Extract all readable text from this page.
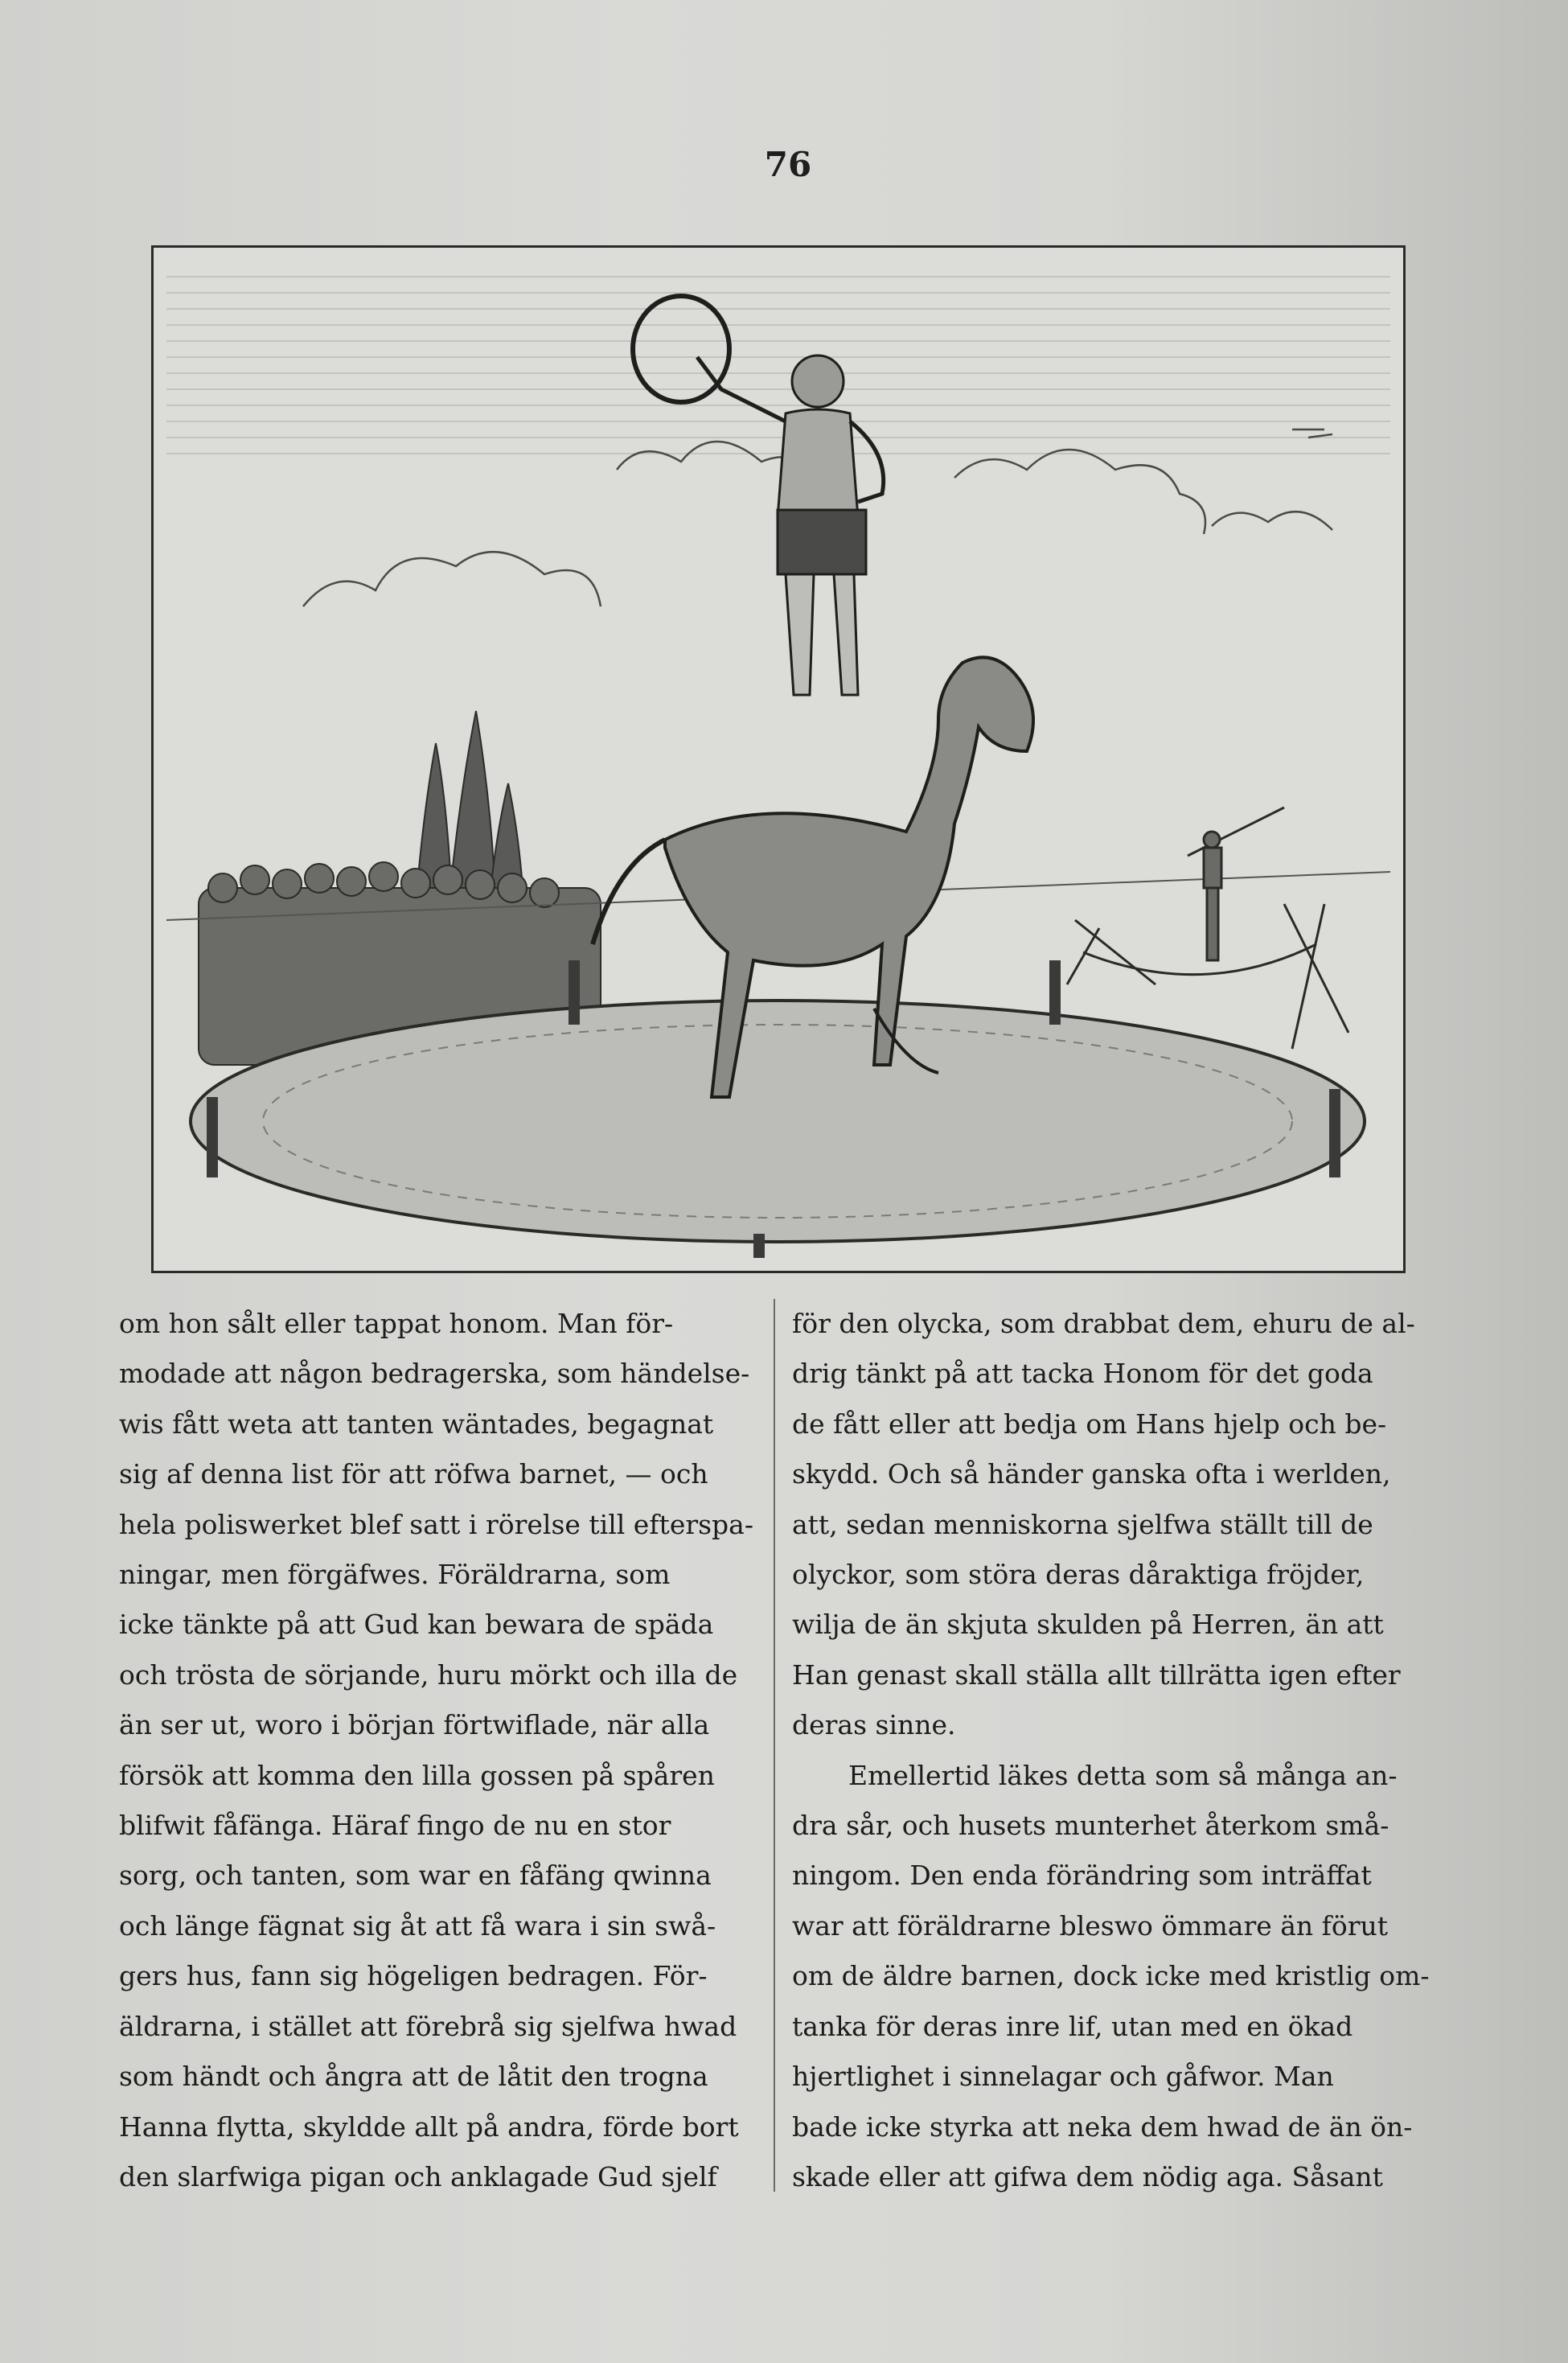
76
om hon sålt eller tappat honom. Man för-
modade att någon bedragerska, som händelse-
wis fått weta att tanten wäntades, begagnat
sig af denna list för att röfwa barnet, — och
hela poliswerket blef satt i rörelse till efterspa-
ningar, men förgäfwes. Föräldrarna, som
icke tänkte på att Gud kan bewara de späda
och trösta de sörjande, huru mörkt och illa de
än ser ut, woro i början förtwiflade, när alla
försök att komma den lilla gossen på spåren
blifwit fåfänga. Häraf fingo de nu en stor
sorg, och tanten, som war en fåfäng qwinna
och länge fägnat sig åt att få wara i sin swå-
gers hus, fann sig högeligen bedragen. För-
äldrarna, i stället att förebrå sig sjelfwa hwad
som händt och ångra att de låtit den trogna
Hanna flytta, skyldde allt på andra, förde bort
den slarfwiga pigan och anklagade Gud sjelf
för den olycka, som drabbat dem, ehuru de al-
drig tänkt på att tacka Honom för det goda
de fått eller att bedja om Hans hjelp och be-
skydd. Och så händer ganska ofta i werlden,
att, sedan menniskorna sjelfwa ställt till de
olyckor, som störa deras dåraktiga fröjder,
wilja de än skjuta skulden på Herren, än att
Han genast skall ställa allt tillrätta igen efter
deras sinne.
Emellertid läkes detta som så många an-
dra sår, och husets munterhet återkom små-
ningom. Den enda förändring som inträffat
war att föräldrarne bleswo ömmare än förut
om de äldre barnen, dock icke med kristlig om-
tanka för deras inre lif, utan med en ökad
hjertlighet i sinnelagar och gåfwor. Man
bade icke styrka att neka dem hwad de än ön-
skade eller att gifwa dem nödig aga. Såsant
